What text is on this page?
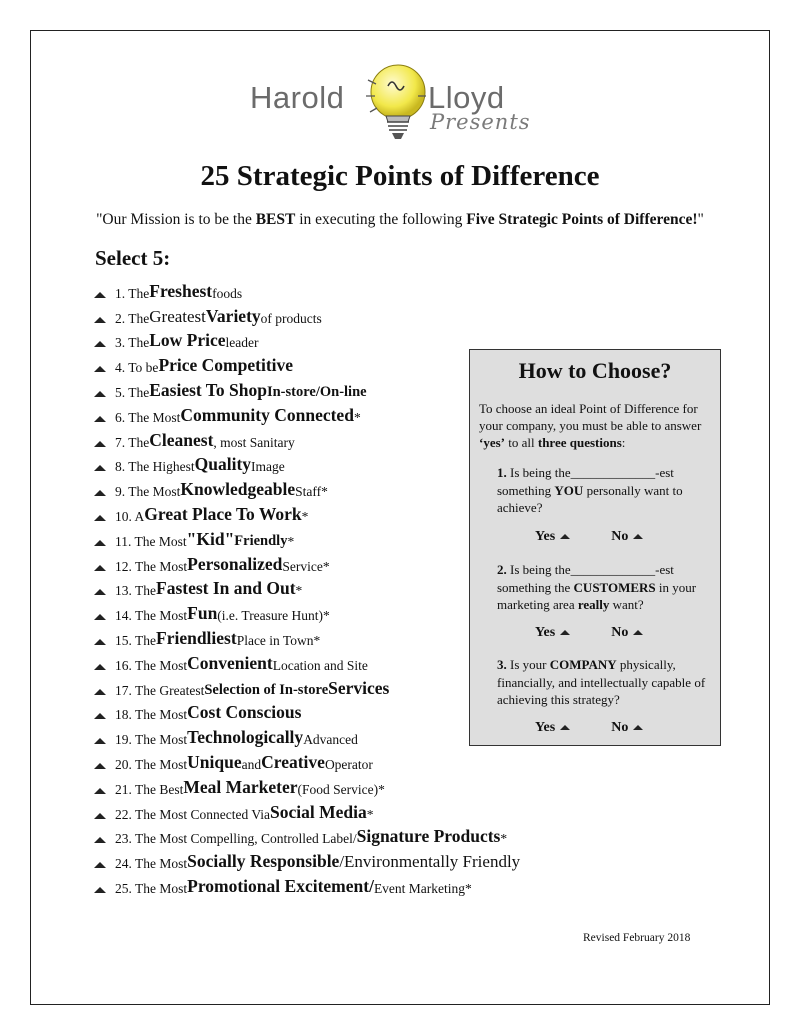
Harold	Lloyd
Presents
25 Strategic Points of Difference

"Our Mission is to be the BEST in executing the following Five Strategic Points of Difference!"

Select 5:
1. The Freshest foods
2. The Greatest Variety of products
3. The Low Price leader
4. To be Price Competitive
5. The Easiest To Shop In-store/On-line
6. The Most Community Connected *
7. The Cleanest , most Sanitary
8. The Highest Quality Image
9. The Most Knowledgeable Staff*
10. A Great Place To Work *
11. The Most "Kid" Friendly *
12. The Most Personalized Service*
13. The Fastest In and Out *
14. The Most Fun (i.e. Treasure Hunt)*
15. The Friendliest Place in Town*
16. The Most Convenient Location and Site
17. The Greatest Selection of In-store Services
18. The Most Cost Conscious
19. The Most Technologically Advanced
20. The Most Unique and Creative Operator
21. The Best Meal Marketer (Food Service)*
22. The Most Connected Via Social Media *
23. The Most Compelling, Controlled Label/ Signature Products *
24. The Most Socially Responsible /Environmentally Friendly
25. The Most Promotional Excitement/ Event Marketing*
How to Choose?

To choose an ideal Point of Difference for your company, you must be able to answer ‘yes’ to all three questions:

1. Is being the_____________-est something YOU personally want to achieve?

Yes	No

2. Is being the_____________-est something the CUSTOMERS in your marketing area really want?

Yes	No

3. Is your COMPANY physically, financially, and intellectually capable of achieving this strategy?

Yes	No
Revised February 2018
